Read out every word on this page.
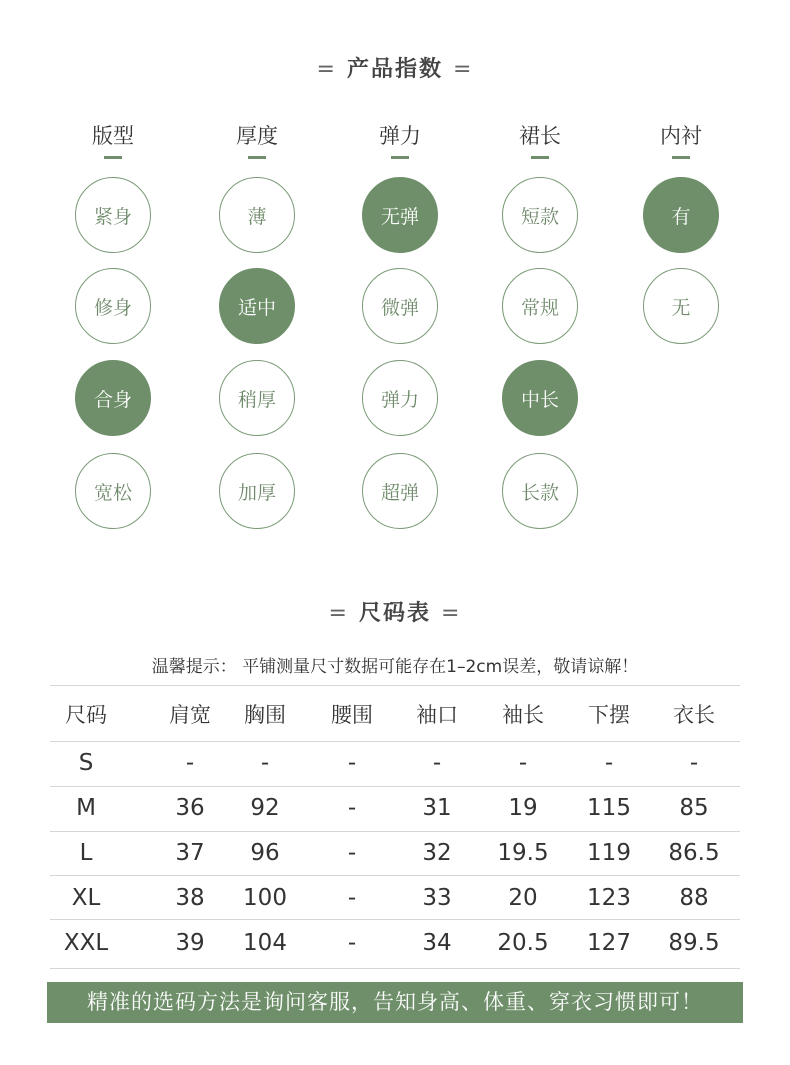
= 产品指数 =
版型
紧身
修身
合身
宽松
厚度
薄
适中
稍厚
加厚
弹力
无弹
微弹
弹力
超弹
裙长
短款
常规
中长
长款
内衬
有
无
= 尺码表 =
温馨提示： 平铺测量尺寸数据可能存在1–2cm误差，敬请谅解！
尺码	肩宽	胸围	腰围	袖口	袖长	下摆	衣长
S	-	-	-	-	-	-	-
M	36	92	-	31	19	115	85
L	37	96	-	32	19.5	119	86.5
XL	38	100	-	33	20	123	88
XXL	39	104	-	34	20.5	127	89.5
精准的选码方法是询问客服，告知身高、体重、穿衣习惯即可！
